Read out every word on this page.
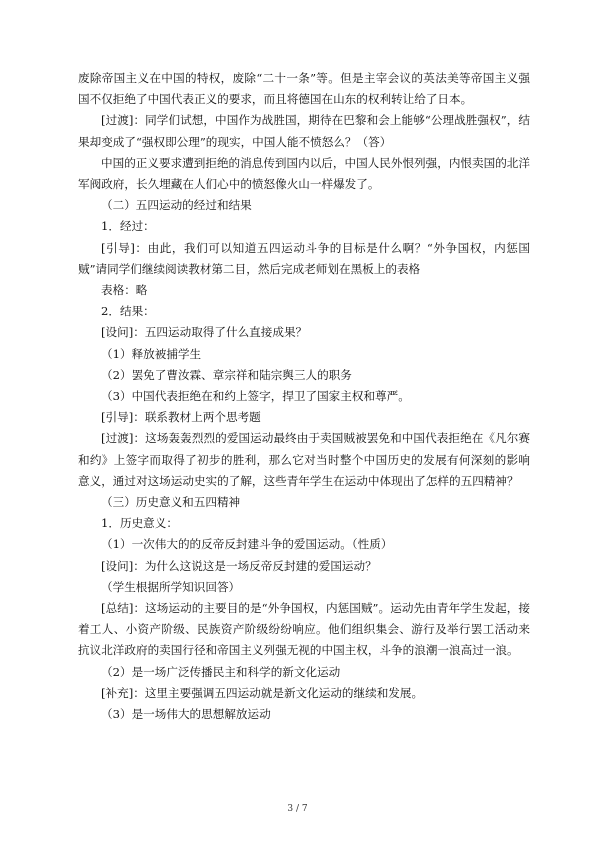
废除帝国主义在中国的特权，废除“二十一条”等。但是主宰会议的英法美等帝国主义强国不仅拒绝了中国代表正义的要求，而且将德国在山东的权利转让给了日本。

[过渡]：同学们试想，中国作为战胜国，期待在巴黎和会上能够“公理战胜强权”，结果却变成了“强权即公理”的现实，中国人能不愤怒么？（答）

中国的正义要求遭到拒绝的消息传到国内以后，中国人民外恨列强，内恨卖国的北洋军阀政府，长久埋藏在人们心中的愤怒像火山一样爆发了。

（二）五四运动的经过和结果

1．经过：

[引导]：由此，我们可以知道五四运动斗争的目标是什么啊？“外争国权，内惩国贼”请同学们继续阅读教材第二目，然后完成老师划在黑板上的表格

表格：略

2．结果：

[设问]：五四运动取得了什么直接成果？

（1）释放被捕学生

（2）罢免了曹汝霖、章宗祥和陆宗舆三人的职务

（3）中国代表拒绝在和约上签字，捍卫了国家主权和尊严。

[引导]：联系教材上两个思考题

[过渡]：这场轰轰烈烈的爱国运动最终由于卖国贼被罢免和中国代表拒绝在《凡尔赛和约》上签字而取得了初步的胜利，那么它对当时整个中国历史的发展有何深刻的影响意义，通过对这场运动史实的了解，这些青年学生在运动中体现出了怎样的五四精神？

（三）历史意义和五四精神

1．历史意义：

（1）一次伟大的的反帝反封建斗争的爱国运动。（性质）

[设问]：为什么这说这是一场反帝反封建的爱国运动？

（学生根据所学知识回答）

[总结]：这场运动的主要目的是“外争国权，内惩国贼”。运动先由青年学生发起，接着工人、小资产阶级、民族资产阶级纷纷响应。他们组织集会、游行及举行罢工活动来抗议北洋政府的卖国行径和帝国主义列强无视的中国主权，斗争的浪潮一浪高过一浪。

（2）是一场广泛传播民主和科学的新文化运动

[补充]：这里主要强调五四运动就是新文化运动的继续和发展。

（3）是一场伟大的思想解放运动

3 / 7
